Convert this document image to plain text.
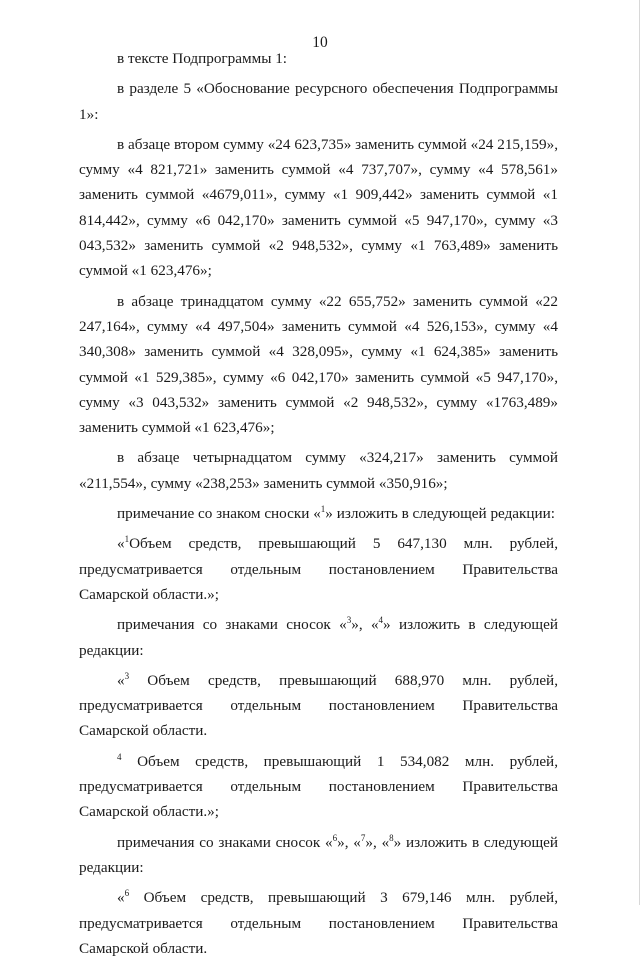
10

в тексте Подпрограммы 1:

в разделе 5 «Обоснование ресурсного обеспечения Подпрограммы 1»:

в абзаце втором сумму «24 623,735» заменить суммой «24 215,159», сумму «4 821,721» заменить суммой «4 737,707», сумму «4 578,561» заменить суммой «4679,011», сумму «1 909,442» заменить суммой «1 814,442», сумму «6 042,170» заменить суммой «5 947,170», сумму «3 043,532» заменить суммой «2 948,532», сумму «1 763,489» заменить суммой «1 623,476»;

в абзаце тринадцатом сумму «22 655,752» заменить суммой «22 247,164», сумму «4 497,504» заменить суммой «4 526,153», сумму «4 340,308» заменить суммой «4 328,095», сумму «1 624,385» заменить суммой «1 529,385», сумму «6 042,170» заменить суммой «5 947,170», сумму «3 043,532» заменить суммой «2 948,532», сумму «1763,489» заменить суммой «1 623,476»;

в абзаце четырнадцатом сумму «324,217» заменить суммой «211,554», сумму «238,253» заменить суммой «350,916»;

примечание со знаком сноски «$^1$» изложить в следующей редакции:

«$^1$Объем средств, превышающий 5 647,130 млн. рублей, предусматривается отдельным постановлением Правительства Самарской области.»;

примечания со знаками сносок «$^3$», «$^4$» изложить в следующей редакции:

«$^3$ Объем средств, превышающий 688,970 млн. рублей, предусматривается отдельным постановлением Правительства Самарской области.

$^4$ Объем средств, превышающий 1 534,082 млн. рублей, предусматривается отдельным постановлением Правительства Самарской области.»;

примечания со знаками сносок «$^6$», «$^7$», «$^8$» изложить в следующей редакции:

«$^6$ Объем средств, превышающий 3 679,146 млн. рублей, предусматривается отдельным постановлением Правительства Самарской области.
